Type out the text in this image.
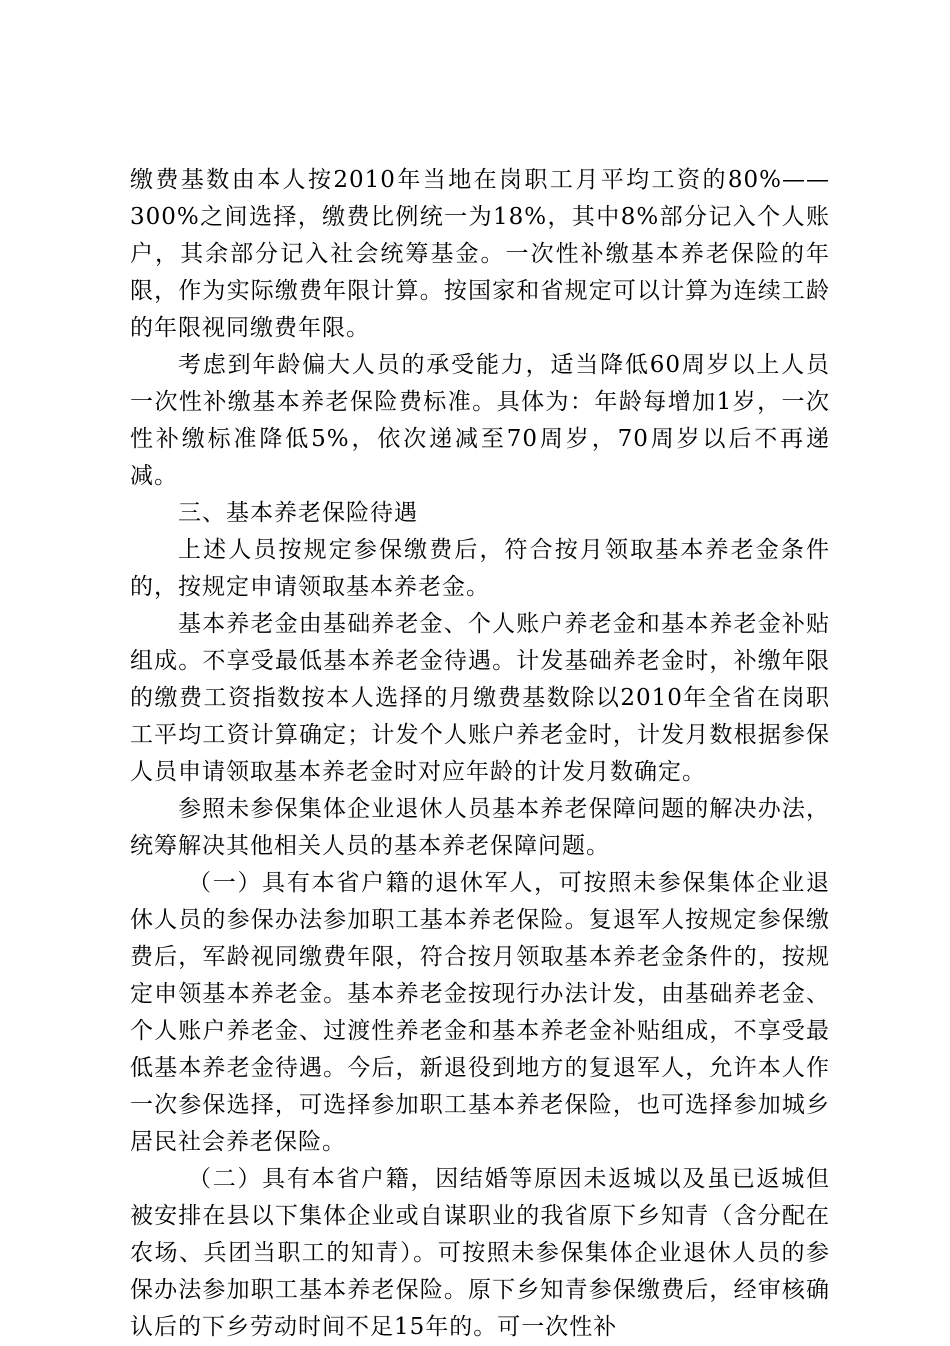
缴费基数由本人按2010年当地在岗职工月平均工资的80%——300%之间选择，缴费比例统一为18%，其中8%部分记入个人账户，其余部分记入社会统筹基金。一次性补缴基本养老保险的年限，作为实际缴费年限计算。按国家和省规定可以计算为连续工龄的年限视同缴费年限。

考虑到年龄偏大人员的承受能力，适当降低60周岁以上人员一次性补缴基本养老保险费标准。具体为：年龄每增加1岁，一次性补缴标准降低5%，依次递减至70周岁，70周岁以后不再递减。

三、基本养老保险待遇

上述人员按规定参保缴费后，符合按月领取基本养老金条件的，按规定申请领取基本养老金。

基本养老金由基础养老金、个人账户养老金和基本养老金补贴组成。不享受最低基本养老金待遇。计发基础养老金时，补缴年限的缴费工资指数按本人选择的月缴费基数除以2010年全省在岗职工平均工资计算确定；计发个人账户养老金时，计发月数根据参保人员申请领取基本养老金时对应年龄的计发月数确定。

参照未参保集体企业退休人员基本养老保障问题的解决办法，统筹解决其他相关人员的基本养老保障问题。

（一）具有本省户籍的退休军人，可按照未参保集体企业退休人员的参保办法参加职工基本养老保险。复退军人按规定参保缴费后，军龄视同缴费年限，符合按月领取基本养老金条件的，按规定申领基本养老金。基本养老金按现行办法计发，由基础养老金、个人账户养老金、过渡性养老金和基本养老金补贴组成，不享受最低基本养老金待遇。今后，新退役到地方的复退军人，允许本人作一次参保选择，可选择参加职工基本养老保险，也可选择参加城乡居民社会养老保险。

（二）具有本省户籍，因结婚等原因未返城以及虽已返城但被安排在县以下集体企业或自谋职业的我省原下乡知青（含分配在农场、兵团当职工的知青）。可按照未参保集体企业退休人员的参保办法参加职工基本养老保险。原下乡知青参保缴费后，经审核确认后的下乡劳动时间不足15年的。可一次性补
